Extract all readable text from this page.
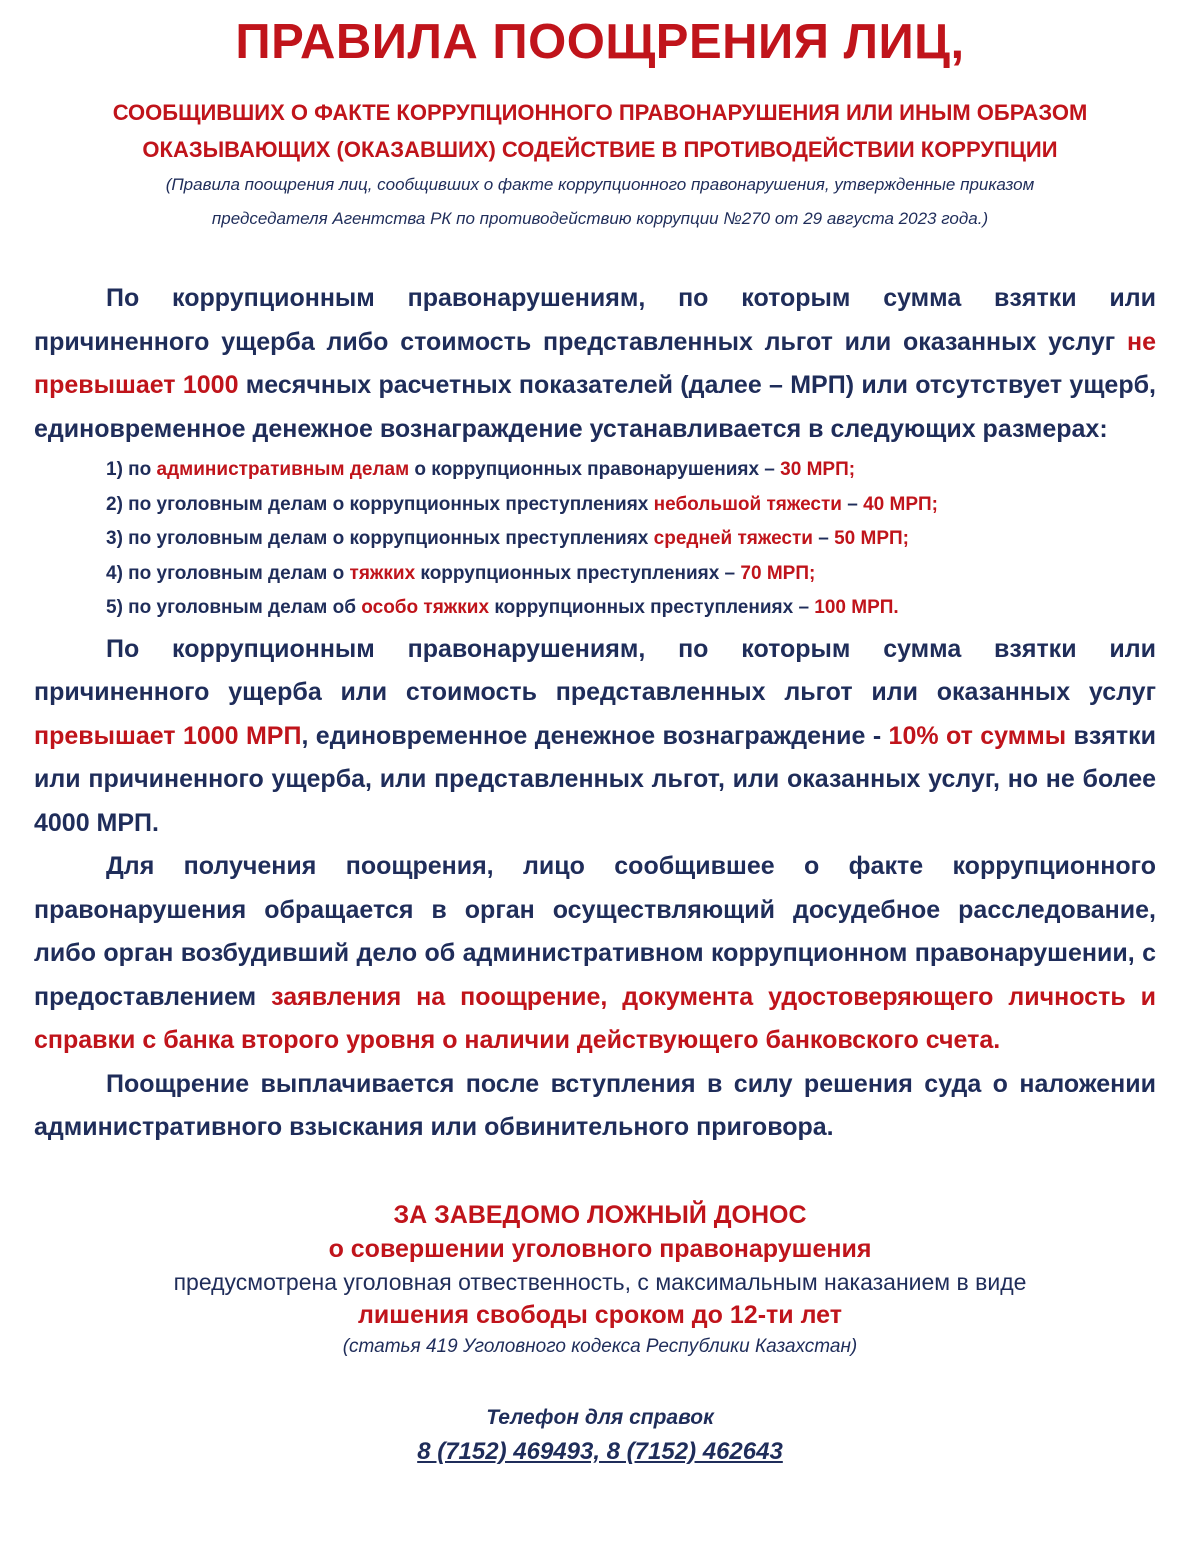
ПРАВИЛА ПООЩРЕНИЯ ЛИЦ,
СООБЩИВШИХ О ФАКТЕ КОРРУПЦИОННОГО ПРАВОНАРУШЕНИЯ ИЛИ ИНЫМ ОБРАЗОМ
ОКАЗЫВАЮЩИХ (ОКАЗАВШИХ) СОДЕЙСТВИЕ В ПРОТИВОДЕЙСТВИИ КОРРУПЦИИ
(Правила поощрения лиц, сообщивших о факте коррупционного правонарушения, утвержденные приказом
председателя Агентства РК по противодействию коррупции №270 от 29 августа 2023 года.)

По коррупционным правонарушениям, по которым сумма взятки или причиненного ущерба либо стоимость представленных льгот или оказанных услуг не превышает 1000 месячных расчетных показателей (далее – МРП) или отсутствует ущерб, единовременное денежное вознаграждение устанавливается в следующих размерах:

1) по административным делам о коррупционных правонарушениях – 30 МРП;
2) по уголовным делам о коррупционных преступлениях небольшой тяжести – 40 МРП;
3) по уголовным делам о коррупционных преступлениях средней тяжести – 50 МРП;
4) по уголовным делам о тяжких коррупционных преступлениях – 70 МРП;
5) по уголовным делам об особо тяжких коррупционных преступлениях – 100 МРП.

По коррупционным правонарушениям, по которым сумма взятки или причиненного ущерба или стоимость представленных льгот или оказанных услуг превышает 1000 МРП, единовременное денежное вознаграждение - 10% от суммы взятки или причиненного ущерба, или представленных льгот, или оказанных услуг, но не более 4000 МРП.

Для получения поощрения, лицо сообщившее о факте коррупционного правонарушения обращается в орган осуществляющий досудебное расследование, либо орган возбудивший дело об административном коррупционном правонарушении, с предоставлением заявления на поощрение, документа удостоверяющего личность и справки с банка второго уровня о наличии действующего банковского счета.

Поощрение выплачивается после вступления в силу решения суда о наложении административного взыскания или обвинительного приговора.

ЗА ЗАВЕДОМО ЛОЖНЫЙ ДОНОС
о совершении уголовного правонарушения
предусмотрена уголовная отвественность, с максимальным наказанием в виде
лишения свободы сроком до 12-ти лет
(статья 419 Уголовного кодекса Республики Казахстан)
Телефон для справок
8 (7152) 469493, 8 (7152) 462643
